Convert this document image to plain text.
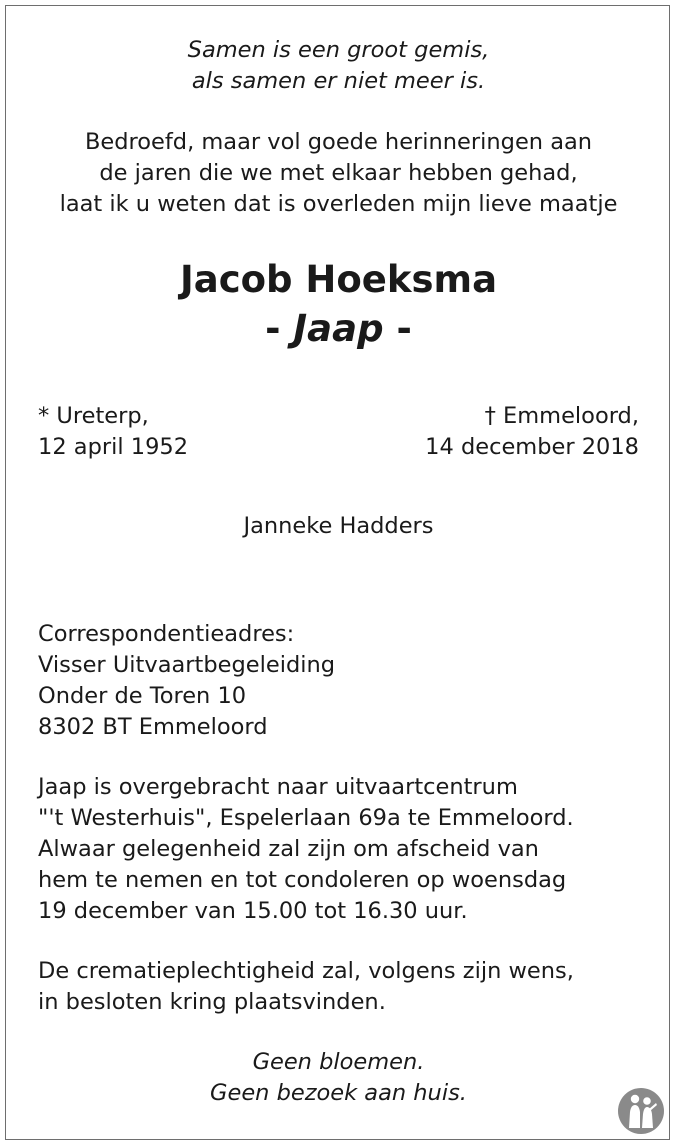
Samen is een groot gemis,
als samen er niet meer is.
Bedroefd, maar vol goede herinneringen aan
de jaren die we met elkaar hebben gehad,
laat ik u weten dat is overleden mijn lieve maatje
Jacob Hoeksma
- Jaap -
* Ureterp,
12 april 1952
† Emmeloord,
14 december 2018
Janneke Hadders
Correspondentieadres:
Visser Uitvaartbegeleiding
Onder de Toren 10
8302 BT Emmeloord
Jaap is overgebracht naar uitvaartcentrum
"'t Westerhuis", Espelerlaan 69a te Emmeloord.
Alwaar gelegenheid zal zijn om afscheid van
hem te nemen en tot condoleren op woensdag
19 december van 15.00 tot 16.30 uur.
De crematieplechtigheid zal, volgens zijn wens,
in besloten kring plaatsvinden.
Geen bloemen.
Geen bezoek aan huis.
